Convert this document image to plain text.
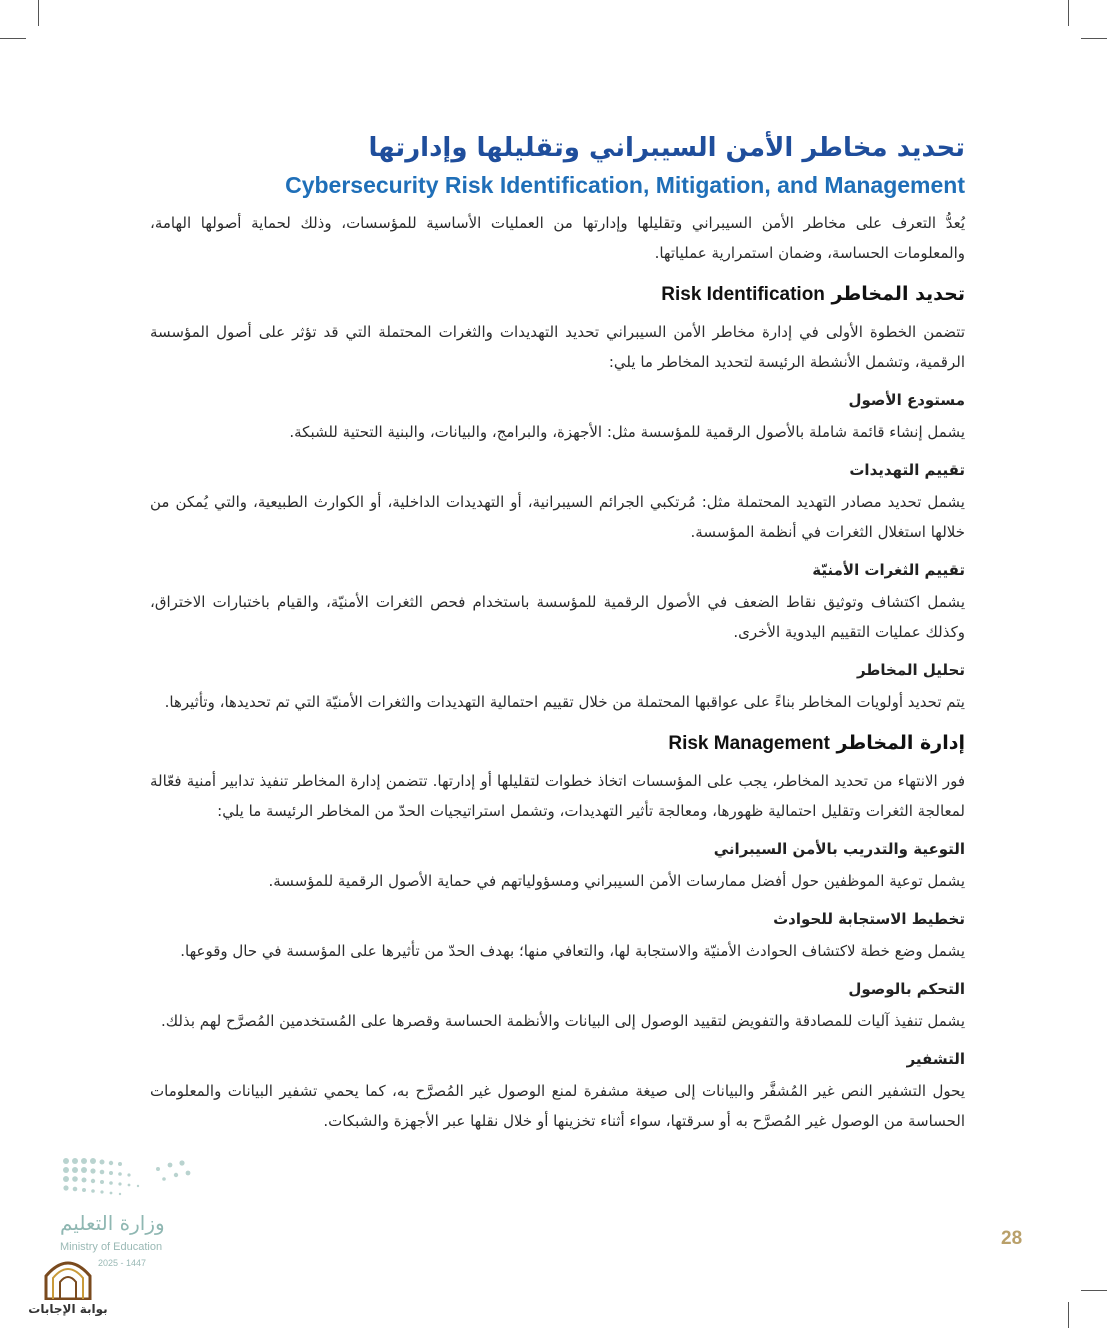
تحديد مخاطر الأمن السيبراني وتقليلها وإدارتها
Cybersecurity Risk Identification, Mitigation, and Management

يُعدُّ التعرف على مخاطر الأمن السيبراني وتقليلها وإدارتها من العمليات الأساسية للمؤسسات، وذلك لحماية أصولها الهامة، والمعلومات الحساسة، وضمان استمرارية عملياتها.

تحديد المخاطر Risk Identification

تتضمن الخطوة الأولى في إدارة مخاطر الأمن السيبراني تحديد التهديدات والثغرات المحتملة التي قد تؤثر على أصول المؤسسة الرقمية، وتشمل الأنشطة الرئيسة لتحديد المخاطر ما يلي:

مستودع الأصول

يشمل إنشاء قائمة شاملة بالأصول الرقمية للمؤسسة مثل: الأجهزة، والبرامج، والبيانات، والبنية التحتية للشبكة.

تقييم التهديدات

يشمل تحديد مصادر التهديد المحتملة مثل: مُرتكبي الجرائم السيبرانية، أو التهديدات الداخلية، أو الكوارث الطبيعية، والتي يُمكن من خلالها استغلال الثغرات في أنظمة المؤسسة.

تقييم الثغرات الأمنيّة

يشمل اكتشاف وتوثيق نقاط الضعف في الأصول الرقمية للمؤسسة باستخدام فحص الثغرات الأمنيّة، والقيام باختبارات الاختراق، وكذلك عمليات التقييم اليدوية الأخرى.

تحليل المخاطر

يتم تحديد أولويات المخاطر بناءً على عواقبها المحتملة من خلال تقييم احتمالية التهديدات والثغرات الأمنيّة التي تم تحديدها، وتأثيرها.

إدارة المخاطر Risk Management

فور الانتهاء من تحديد المخاطر، يجب على المؤسسات اتخاذ خطوات لتقليلها أو إدارتها. تتضمن إدارة المخاطر تنفيذ تدابير أمنية فعّالة لمعالجة الثغرات وتقليل احتمالية ظهورها، ومعالجة تأثير التهديدات، وتشمل استراتيجيات الحدّ من المخاطر الرئيسة ما يلي:

التوعية والتدريب بالأمن السيبراني

يشمل توعية الموظفين حول أفضل ممارسات الأمن السيبراني ومسؤولياتهم في حماية الأصول الرقمية للمؤسسة.

تخطيط الاستجابة للحوادث

يشمل وضع خطة لاكتشاف الحوادث الأمنيّة والاستجابة لها، والتعافي منها؛ بهدف الحدّ من تأثيرها على المؤسسة في حال وقوعها.

التحكم بالوصول

يشمل تنفيذ آليات للمصادقة والتفويض لتقييد الوصول إلى البيانات والأنظمة الحساسة وقصرها على المُستخدمين المُصرَّح لهم بذلك.

التشفير

يحول التشفير النص غير المُشفَّر والبيانات إلى صيغة مشفرة لمنع الوصول غير المُصرَّح به، كما يحمي تشفير البيانات والمعلومات الحساسة من الوصول غير المُصرَّح به أو سرقتها، سواء أثناء تخزينها أو خلال نقلها عبر الأجهزة والشبكات.

28
وزارة التعليم
Ministry of Education
2025 - 1447
بوابة الإجابات
